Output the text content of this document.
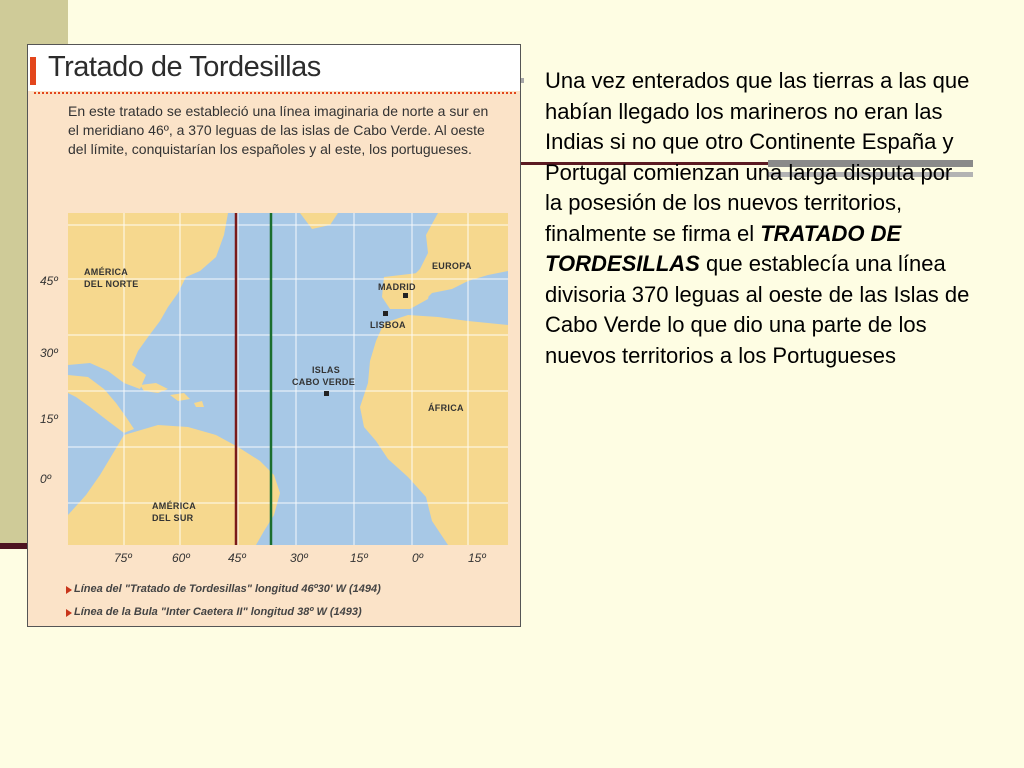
Tratado de Tordesillas
En este tratado se estableció una línea imaginaria de norte a sur en el meridiano 46º, a 370 leguas de las islas de Cabo Verde. Al oeste del límite, conquistarían los españoles y al este, los portugueses.
45º
30º
15º
0º
75º	60º	45º	30º	15º	0º	15º
AMÉRICA
DEL NORTE
EUROPA
MADRID
LISBOA
ISLAS
CABO VERDE
ÁFRICA
AMÉRICA
DEL SUR
Línea del "Tratado de Tordesillas" longitud 46º30' W (1494)
Línea de la Bula "Inter Caetera II" longitud 38º W (1493)

Una vez enterados que las tierras a las que habían llegado los marineros no eran las Indias si no que otro Continente España y Portugal comienzan una larga disputa por la posesión de los nuevos territorios, finalmente se firma el TRATADO DE TORDESILLAS que establecía una línea divisoria 370 leguas al oeste de las Islas de Cabo Verde lo que dio una parte de los nuevos territorios a los Portugueses
